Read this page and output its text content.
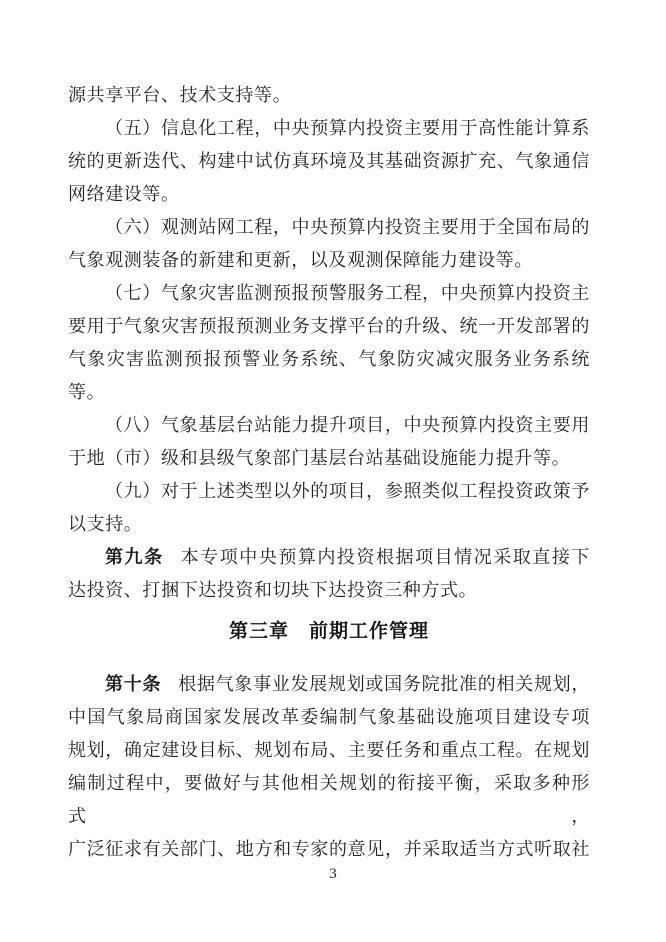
源共享平台、技术支持等。
（五）信息化工程，中央预算内投资主要用于高性能计算系
统的更新迭代、构建中试仿真环境及其基础资源扩充、气象通信
网络建设等。
（六）观测站网工程，中央预算内投资主要用于全国布局的
气象观测装备的新建和更新，以及观测保障能力建设等。
（七）气象灾害监测预报预警服务工程，中央预算内投资主
要用于气象灾害预报预测业务支撑平台的升级、统一开发部署的
气象灾害监测预报预警业务系统、气象防灾减灾服务业务系统
等。
（八）气象基层台站能力提升项目，中央预算内投资主要用
于地（市）级和县级气象部门基层台站基础设施能力提升等。
（九）对于上述类型以外的项目，参照类似工程投资政策予
以支持。
第九条 本专项中央预算内投资根据项目情况采取直接下
达投资、打捆下达投资和切块下达投资三种方式。
第三章　前期工作管理
第十条 根据气象事业发展规划或国务院批准的相关规划，
中国气象局商国家发展改革委编制气象基础设施项目建设专项
规划，确定建设目标、规划布局、主要任务和重点工程。在规划
编制过程中，要做好与其他相关规划的衔接平衡，采取多种形式，
广泛征求有关部门、地方和专家的意见，并采取适当方式听取社
3
